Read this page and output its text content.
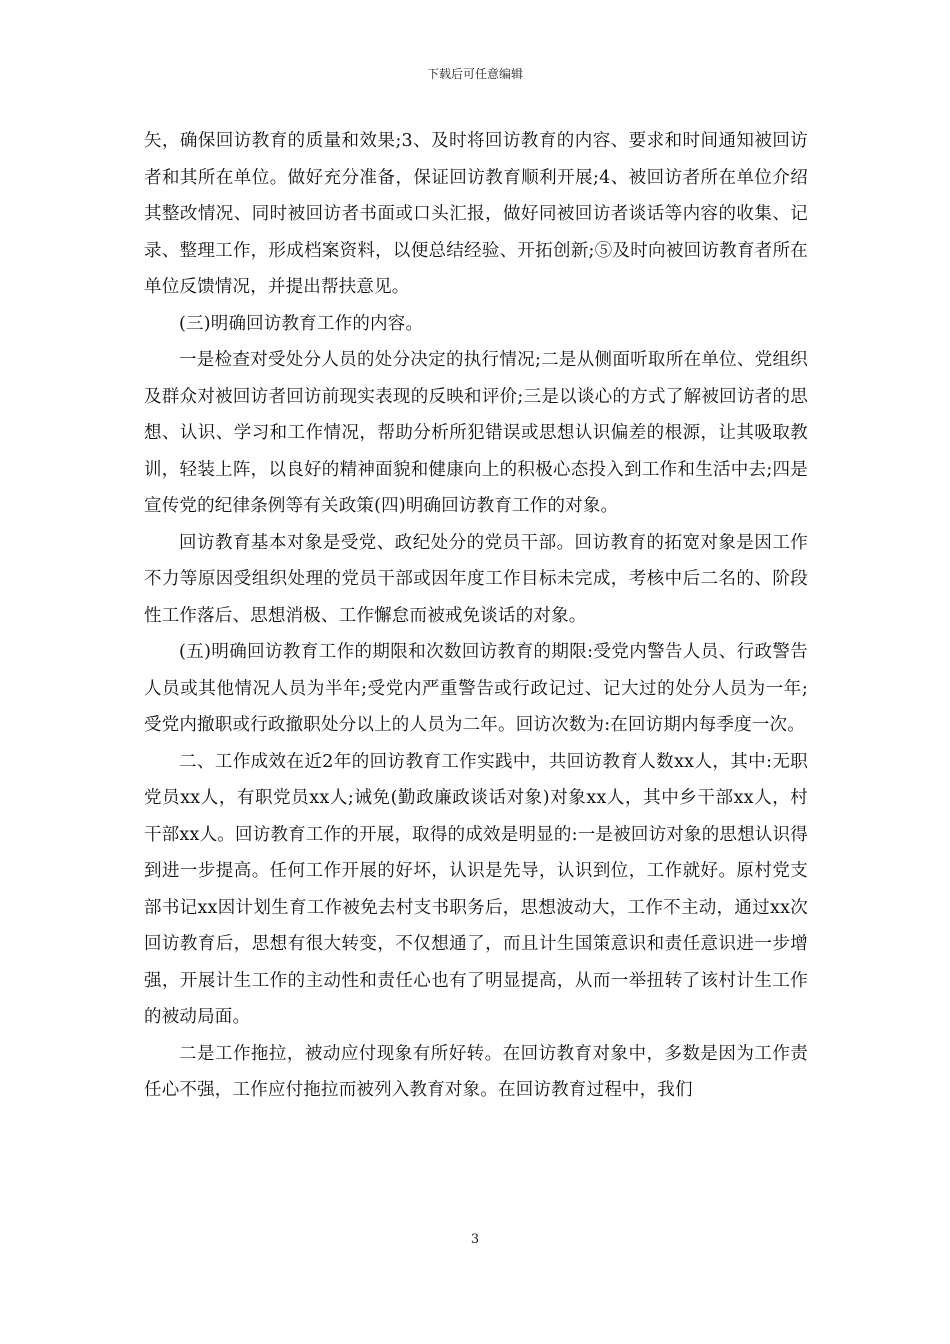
下载后可任意编辑

矢，确保回访教育的质量和效果;3、及时将回访教育的内容、要求和时间通知被回访者和其所在单位。做好充分准备，保证回访教育顺利开展;4、被回访者所在单位介绍其整改情况、同时被回访者书面或口头汇报，做好同被回访者谈话等内容的收集、记录、整理工作，形成档案资料，以便总结经验、开拓创新;⑤及时向被回访教育者所在单位反馈情况，并提出帮扶意见。

(三)明确回访教育工作的内容。

一是检查对受处分人员的处分决定的执行情况;二是从侧面听取所在单位、党组织及群众对被回访者回访前现实表现的反映和评价;三是以谈心的方式了解被回访者的思想、认识、学习和工作情况，帮助分析所犯错误或思想认识偏差的根源，让其吸取教训，轻装上阵，以良好的精神面貌和健康向上的积极心态投入到工作和生活中去;四是宣传党的纪律条例等有关政策(四)明确回访教育工作的对象。

回访教育基本对象是受党、政纪处分的党员干部。回访教育的拓宽对象是因工作不力等原因受组织处理的党员干部或因年度工作目标未完成，考核中后二名的、阶段性工作落后、思想消极、工作懈怠而被戒免谈话的对象。

(五)明确回访教育工作的期限和次数回访教育的期限:受党内警告人员、行政警告人员或其他情况人员为半年;受党内严重警告或行政记过、记大过的处分人员为一年;受党内撤职或行政撤职处分以上的人员为二年。回访次数为:在回访期内每季度一次。

二、工作成效在近2年的回访教育工作实践中，共回访教育人数xx人，其中:无职党员xx人，有职党员xx人;诫免(勤政廉政谈话对象)对象xx人，其中乡干部xx人，村干部xx人。回访教育工作的开展，取得的成效是明显的:一是被回访对象的思想认识得到进一步提高。任何工作开展的好坏，认识是先导，认识到位，工作就好。原村党支部书记xx因计划生育工作被免去村支书职务后，思想波动大，工作不主动，通过xx次回访教育后，思想有很大转变，不仅想通了，而且计生国策意识和责任意识进一步增强，开展计生工作的主动性和责任心也有了明显提高，从而一举扭转了该村计生工作的被动局面。

二是工作拖拉，被动应付现象有所好转。在回访教育对象中，多数是因为工作责任心不强，工作应付拖拉而被列入教育对象。在回访教育过程中，我们

3
